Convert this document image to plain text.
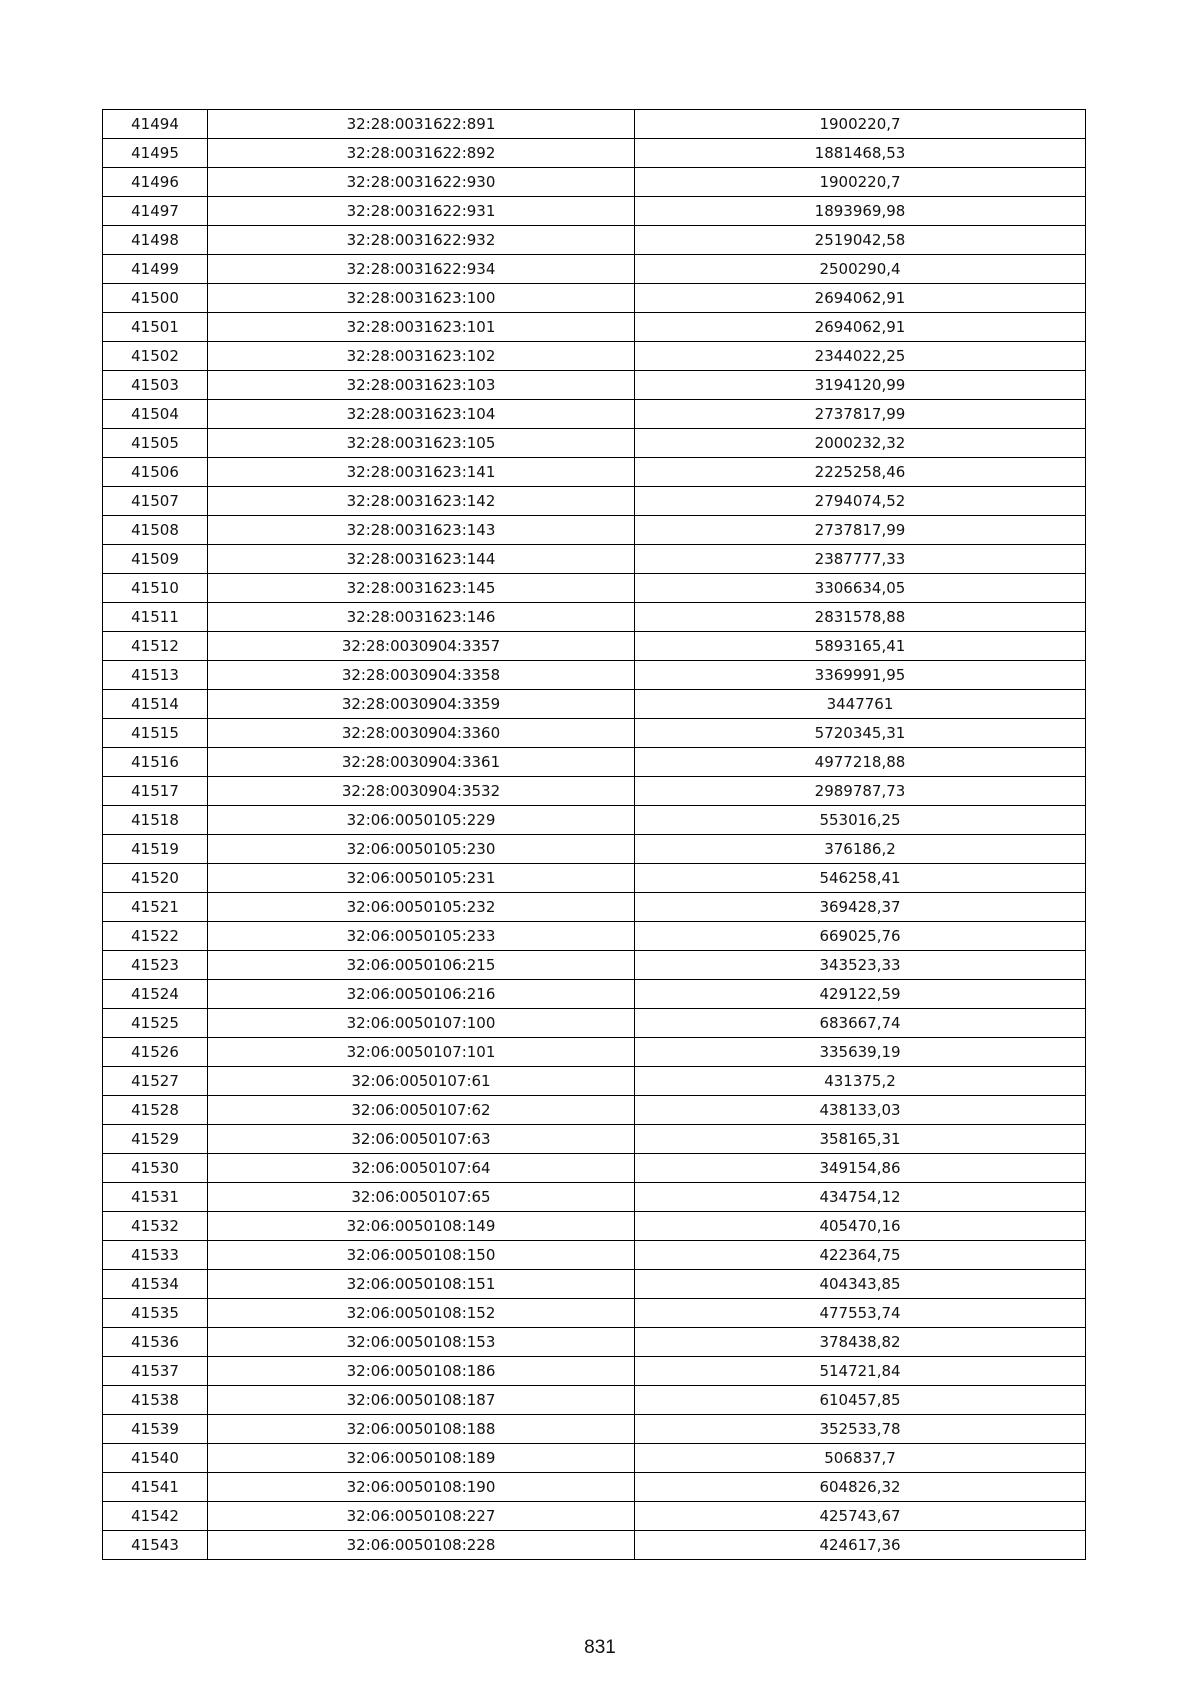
41494	32:28:0031622:891	1900220,7
41495	32:28:0031622:892	1881468,53
41496	32:28:0031622:930	1900220,7
41497	32:28:0031622:931	1893969,98
41498	32:28:0031622:932	2519042,58
41499	32:28:0031622:934	2500290,4
41500	32:28:0031623:100	2694062,91
41501	32:28:0031623:101	2694062,91
41502	32:28:0031623:102	2344022,25
41503	32:28:0031623:103	3194120,99
41504	32:28:0031623:104	2737817,99
41505	32:28:0031623:105	2000232,32
41506	32:28:0031623:141	2225258,46
41507	32:28:0031623:142	2794074,52
41508	32:28:0031623:143	2737817,99
41509	32:28:0031623:144	2387777,33
41510	32:28:0031623:145	3306634,05
41511	32:28:0031623:146	2831578,88
41512	32:28:0030904:3357	5893165,41
41513	32:28:0030904:3358	3369991,95
41514	32:28:0030904:3359	3447761
41515	32:28:0030904:3360	5720345,31
41516	32:28:0030904:3361	4977218,88
41517	32:28:0030904:3532	2989787,73
41518	32:06:0050105:229	553016,25
41519	32:06:0050105:230	376186,2
41520	32:06:0050105:231	546258,41
41521	32:06:0050105:232	369428,37
41522	32:06:0050105:233	669025,76
41523	32:06:0050106:215	343523,33
41524	32:06:0050106:216	429122,59
41525	32:06:0050107:100	683667,74
41526	32:06:0050107:101	335639,19
41527	32:06:0050107:61	431375,2
41528	32:06:0050107:62	438133,03
41529	32:06:0050107:63	358165,31
41530	32:06:0050107:64	349154,86
41531	32:06:0050107:65	434754,12
41532	32:06:0050108:149	405470,16
41533	32:06:0050108:150	422364,75
41534	32:06:0050108:151	404343,85
41535	32:06:0050108:152	477553,74
41536	32:06:0050108:153	378438,82
41537	32:06:0050108:186	514721,84
41538	32:06:0050108:187	610457,85
41539	32:06:0050108:188	352533,78
41540	32:06:0050108:189	506837,7
41541	32:06:0050108:190	604826,32
41542	32:06:0050108:227	425743,67
41543	32:06:0050108:228	424617,36
831
